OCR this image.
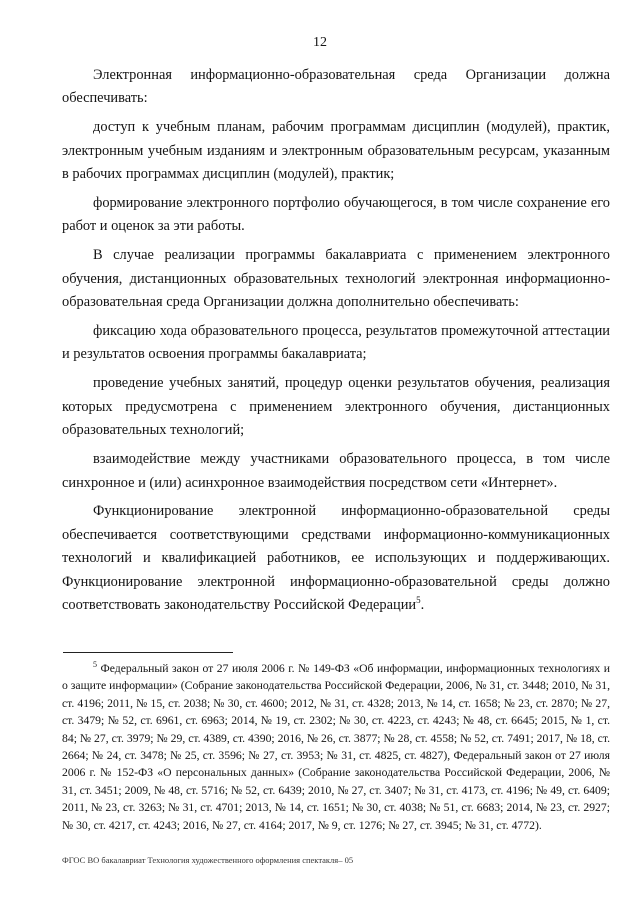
12

Электронная информационно-образовательная среда Организации должна обеспечивать:

доступ к учебным планам, рабочим программам дисциплин (модулей), практик, электронным учебным изданиям и электронным образовательным ресурсам, указанным в рабочих программах дисциплин (модулей), практик;

формирование электронного портфолио обучающегося, в том числе сохранение его работ и оценок за эти работы.

В случае реализации программы бакалавриата с применением электронного обучения, дистанционных образовательных технологий электронная информационно-образовательная среда Организации должна дополнительно обеспечивать:

фиксацию хода образовательного процесса, результатов промежуточной аттестации и результатов освоения программы бакалавриата;

проведение учебных занятий, процедур оценки результатов обучения, реализация которых предусмотрена с применением электронного обучения, дистанционных образовательных технологий;

взаимодействие между участниками образовательного процесса, в том числе синхронное и (или) асинхронное взаимодействия посредством сети «Интернет».

Функционирование электронной информационно-образовательной среды обеспечивается соответствующими средствами информационно-коммуникационных технологий и квалификацией работников, ее использующих и поддерживающих. Функционирование электронной информационно-образовательной среды должно соответствовать законодательству Российской Федерации$^5$.

$^5$ Федеральный закон от 27 июля 2006 г. № 149-ФЗ «Об информации, информационных технологиях и о защите информации» (Собрание законодательства Российской Федерации, 2006, № 31, ст. 3448; 2010, № 31, ст. 4196; 2011, № 15, ст. 2038; № 30, ст. 4600; 2012, № 31, ст. 4328; 2013, № 14, ст. 1658; № 23, ст. 2870; № 27, ст. 3479; № 52, ст. 6961, ст. 6963; 2014, № 19, ст. 2302; № 30, ст. 4223, ст. 4243; № 48, ст. 6645; 2015, № 1, ст. 84; № 27, ст. 3979; № 29, ст. 4389, ст. 4390; 2016, № 26, ст. 3877; № 28, ст. 4558; № 52, ст. 7491; 2017, № 18, ст. 2664; № 24, ст. 3478; № 25, ст. 3596; № 27, ст. 3953; № 31, ст. 4825, ст. 4827), Федеральный закон от 27 июля 2006 г. № 152-ФЗ «О персональных данных» (Собрание законодательства Российской Федерации, 2006, № 31, ст. 3451; 2009, № 48, ст. 5716; № 52, ст. 6439; 2010, № 27, ст. 3407; № 31, ст. 4173, ст. 4196; № 49, ст. 6409; 2011, № 23, ст. 3263; № 31, ст. 4701; 2013, № 14, ст. 1651; № 30, ст. 4038; № 51, ст. 6683; 2014, № 23, ст. 2927; № 30, ст. 4217, ст. 4243; 2016, № 27, ст. 4164; 2017, № 9, ст. 1276; № 27, ст. 3945; № 31, ст. 4772).

ФГОС ВО бакалавриат Технология художественного оформления спектакля– 05
